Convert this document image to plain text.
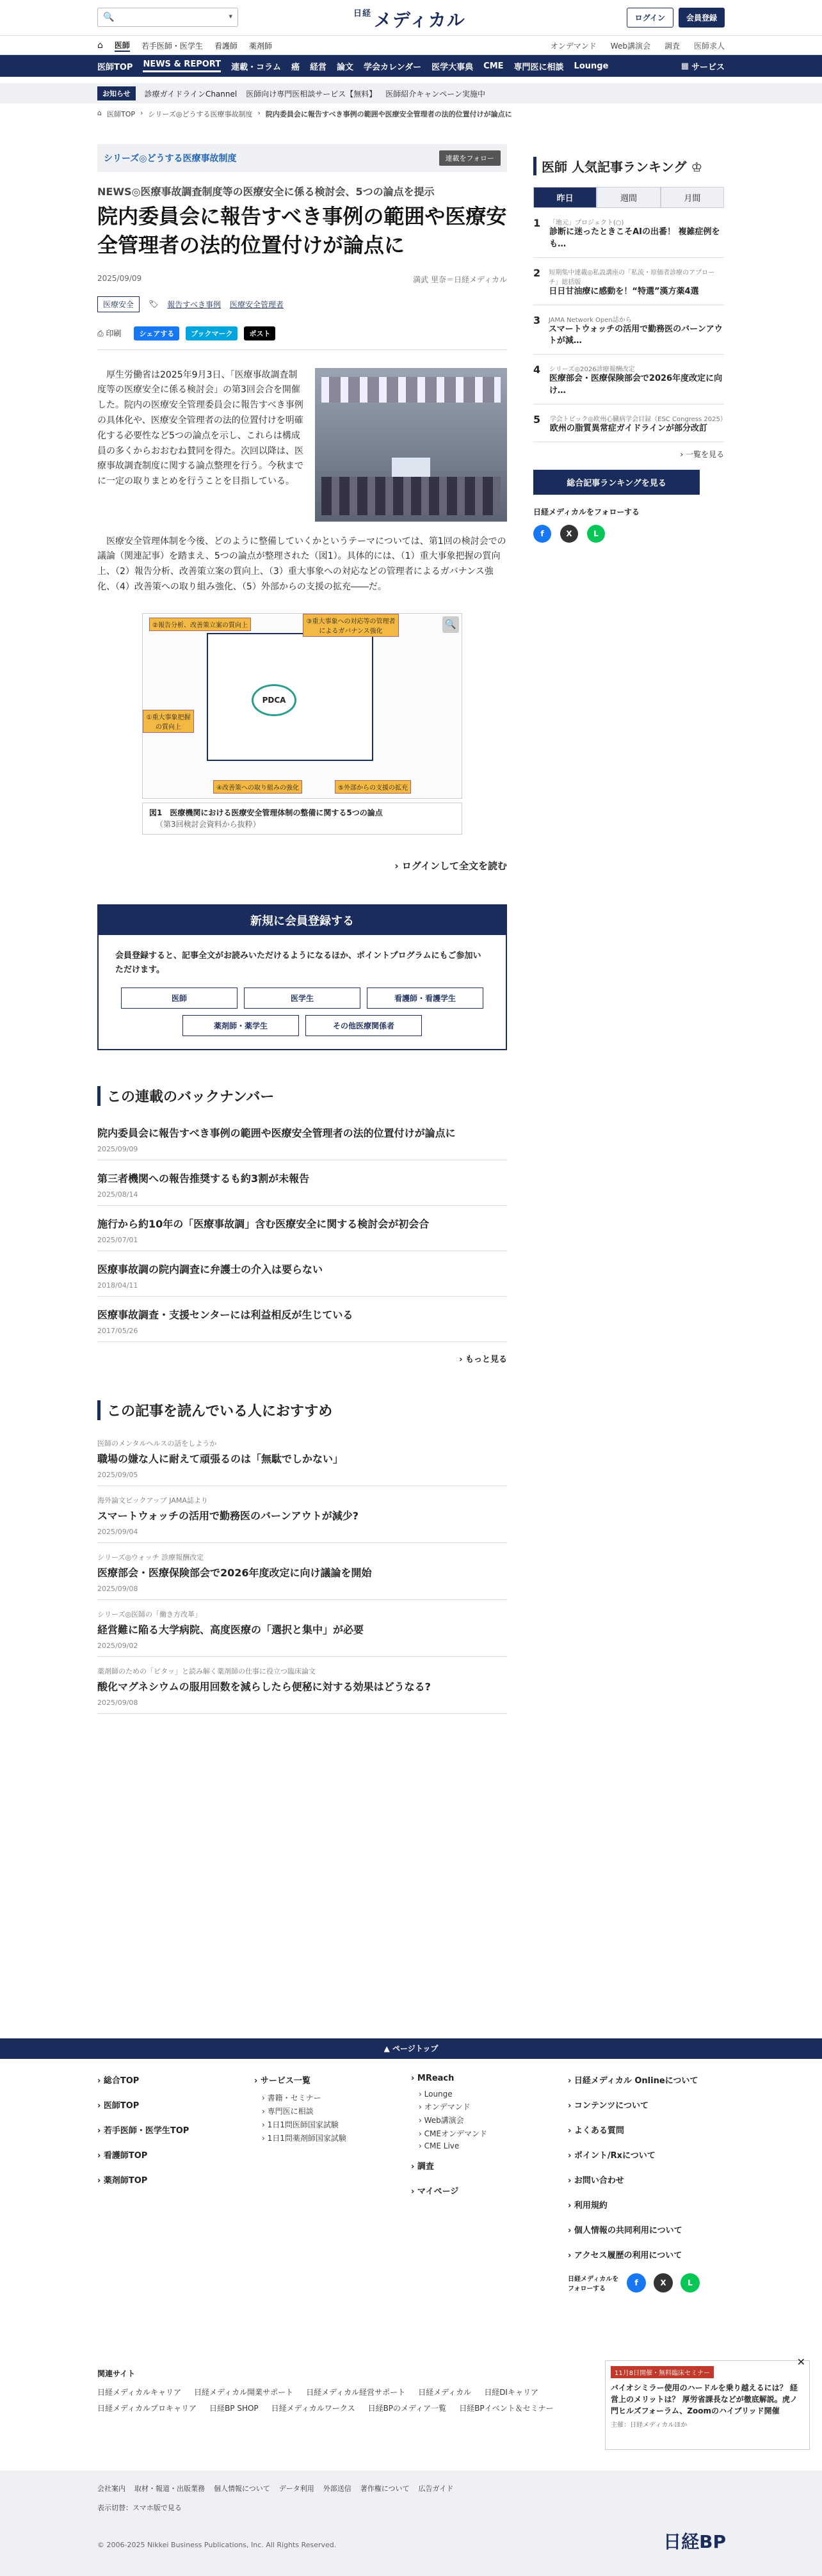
🔍	▾	$^{日経}$ メディカル	ログイン	会員登録
⌂ 医師 若手医師・医学生 看護師 薬剤師	オンデマンド Web講演会 調査 医師求人
医師TOP NEWS & REPORT 連載・コラム 癌 経営 論文 学会カレンダー 医学大事典 CME 専門医に相談 Lounge	▦ サービス
お知らせ	診療ガイドラインChannel 医師向け専門医相談サービス【無料】 医師紹介キャンペーン実施中
⌂ 医師TOP › シリーズ◎どうする医療事故制度 › 院内委員会に報告すべき事例の範囲や医療安全管理者の法的位置付けが論点に
シリーズ◎どうする医療事故制度	連載をフォロー
NEWS◎医療事故調査制度等の医療安全に係る検討会、5つの論点を提示
院内委員会に報告すべき事例の範囲や医療安全管理者の法的位置付けが論点に
2025/09/09	満武 里奈＝日経メディカル
医療安全	🏷 報告すべき事例 医療安全管理者
⎙ 印刷	シェアする	ブックマーク	ポスト

厚生労働省は2025年9月3日、「医療事故調査制度等の医療安全に係る検討会」の第3回会合を開催した。院内の医療安全管理委員会に報告すべき事例の具体化や、医療安全管理者の法的位置付けを明確化する必要性など5つの論点を示し、これらは構成員の多くからおおむね賛同を得た。次回以降は、医療事故調査制度に関する論点整理を行う。今秋までに一定の取りまとめを行うことを目指している。

医療安全管理体制を今後、どのように整備していくかというテーマについては、第1回の検討会での議論（関連記事）を踏まえ、5つの論点が整理された（図1）。具体的には、（1）重大事象把握の質向上、（2）報告分析、改善策立案の質向上、（3）重大事象への対応などの管理者によるガバナンス強化、（4）改善策への取り組み強化、（5）外部からの支援の拡充――だ。

PDCA
②報告分析、改善策立案の質向上
③重大事象への対応等の管理者によるガバナンス強化
①重大事象把握の質向上
④改善策への取り組みの強化	⑤外部からの支援の拡充
🔍
図1　医療機関における医療安全管理体制の整備に関する5つの論点
（第3回検討会資料から抜粋）
› ログインして全文を読む
新規に会員登録する
会員登録すると、記事全文がお読みいただけるようになるほか、ポイントプログラムにもご参加いただけます。
医師	医学生	看護師・看護学生
薬剤師・薬学生	その他医療関係者
この連載のバックナンバー
院内委員会に報告すべき事例の範囲や医療安全管理者の法的位置付けが論点に
2025/09/09
第三者機関への報告推奨するも約3割が未報告
2025/08/14
施行から約10年の「医療事故調」含む医療安全に関する検討会が初会合
2025/07/01
医療事故調の院内調査に弁護士の介入は要らない
2018/04/11
医療事故調査・支援センターには利益相反が生じている
2017/05/26
› もっと見る
この記事を読んでいる人におすすめ
医師のメンタルヘルスの話をしようか
職場の嫌な人に耐えて頑張るのは「無駄でしかない」
2025/09/05
海外論文ピックアップ JAMA誌より
スマートウォッチの活用で勤務医のバーンアウトが減少?
2025/09/04
シリーズ◎ウォッチ 診療報酬改定
医療部会・医療保険部会で2026年度改定に向け議論を開始
2025/09/08
シリーズ◎医師の「働き方改革」
経営難に陥る大学病院、高度医療の「選択と集中」が必要
2025/09/02
薬剤師のための「ピタッ」と読み解く薬剤師の仕事に役立つ臨床論文
酸化マグネシウムの服用回数を減らしたら便秘に対する効果はどうなる?
2025/09/08
医師 人気記事ランキング ♔
昨日	週間	月間
1 「地元」プロジェクト(○)
診断に迷ったときこそAIの出番！ 複雑症例をも…
2 短期集中連載◎私設講座の「私流・原価者診療のアプローチ」総括版
日日甘油療に感動を！“特選”漢方薬4選
3 JAMA Network Open誌から
スマートウォッチの活用で勤務医のバーンアウトが減…
4 シリーズ◎2026診療報酬改定
医療部会・医療保険部会で2026年度改定に向け…
5 学会トピック◎欧州心臓病学会目録（ESC Congress 2025）
欧州の脂質異常症ガイドラインが部分改訂
› 一覧を見る
総合記事ランキングを見る
日経メディカルをフォローする
f	X	L
▲ ページトップ
› 総合TOP
› 医師TOP
› 若手医師・医学生TOP
› 看護師TOP
› 薬剤師TOP
› サービス一覧
› 書籍・セミナー
› 専門医に相談
› 1日1問医師国家試験
› 1日1問薬剤師国家試験
› MReach
› Lounge
› オンデマンド
› Web講演会
› CMEオンデマンド
› CME Live
› 調査
› マイページ
› 日経メディカル Onlineについて
› コンテンツについて
› よくある質問
› ポイント/Rxについて
› お問い合わせ
› 利用規約
› 個人情報の共同利用について
› アクセス履歴の利用について
日経メディカルをフォローする
f	X	L
関連サイト
日経メディカルキャリア 日経メディカル開業サポート 日経メディカル経営サポート 日経メディカル 日経DIキャリア
日経メディカルプロキャリア 日経BP SHOP 日経メディカルワークス 日経BPのメディア一覧 日経BPイベント＆セミナー
✕
11月8日開催・無料臨床セミナー
バイオシミラー使用のハードルを乗り越えるには？ 経営上のメリットは？ 厚労省課長などが徹底解説。虎ノ門ヒルズフォーラム、Zoomのハイブリッド開催
主催：日経メディカルほか
会社案内 取材・報道・出版業務 個人情報について データ利用 外部送信 著作権について 広告ガイド
表示切替：スマホ版で見る
© 2006-2025 Nikkei Business Publications, Inc. All Rights Reserved.	日経BP
